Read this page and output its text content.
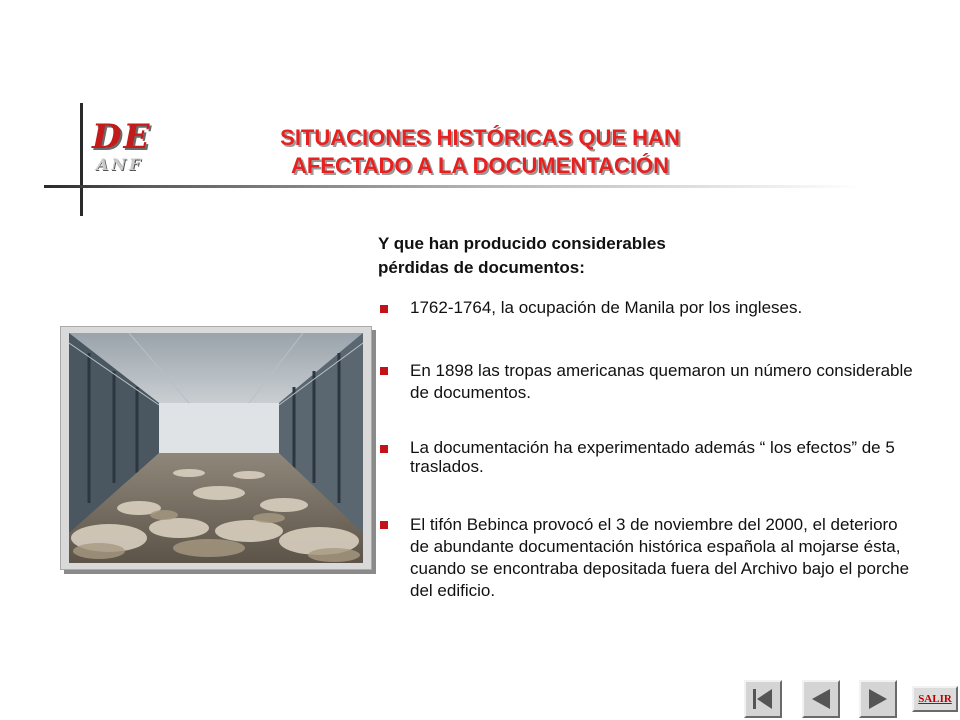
DE
ANF
SITUACIONES HISTÓRICAS QUE HAN
AFECTADO A LA DOCUMENTACIÓN
Y que han producido considerables
pérdidas de documentos:
1762-1764, la ocupación de Manila por los ingleses.
En 1898 las tropas americanas quemaron un número considerable de documentos.
La documentación ha experimentado además “ los efectos” de 5 traslados.
El tifón Bebinca provocó el 3 de noviembre del 2000, el deterioro de abundante documentación histórica española al mojarse ésta, cuando se encontraba depositada fuera del Archivo bajo el porche del edificio.
SALIR
